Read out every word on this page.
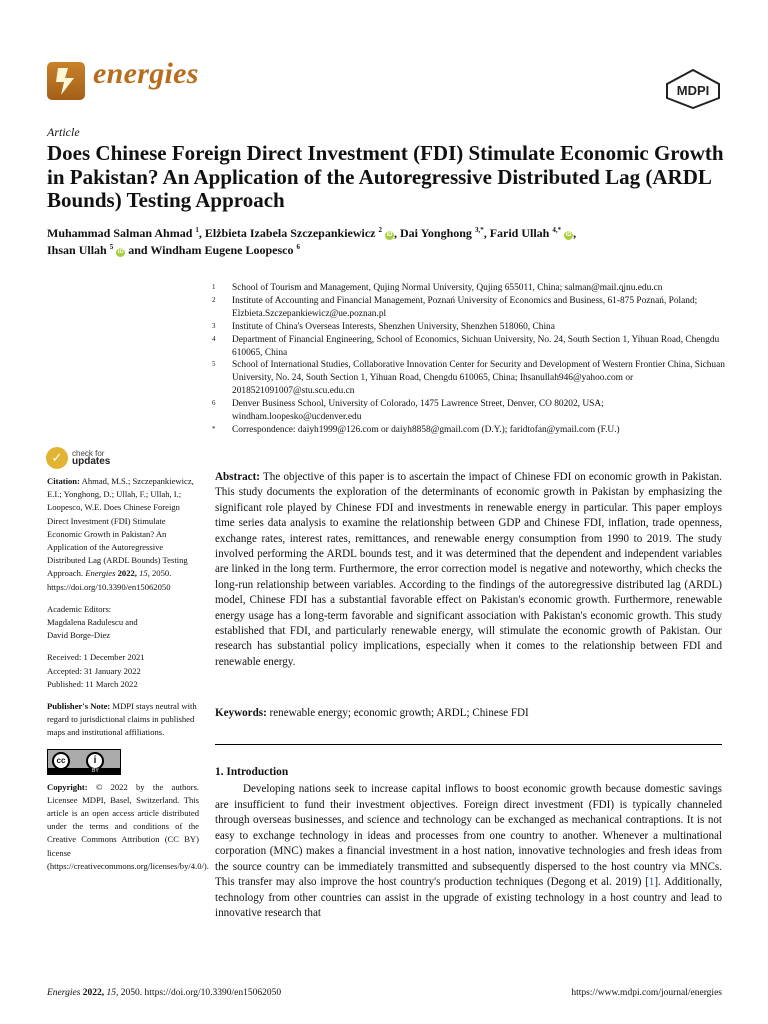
energies
MDPI
Article
Does Chinese Foreign Direct Investment (FDI) Stimulate Economic Growth in Pakistan? An Application of the Autoregressive Distributed Lag (ARDL Bounds) Testing Approach
Muhammad Salman Ahmad $^1$, Elżbieta Izabela Szczepankiewicz $^2$ iD , Dai Yonghong $^{3,*}$, Farid Ullah $^{4,*}$ iD ,
Ihsan Ullah $^5$ iD and Windham Eugene Loopesco $^6$
1	School of Tourism and Management, Qujing Normal University, Qujing 655011, China; salman@mail.qjnu.edu.cn
2	Institute of Accounting and Financial Management, Poznań University of Economics and Business, 61-875 Poznań, Poland; Elzbieta.Szczepankiewicz@ue.poznan.pl
3	Institute of China's Overseas Interests, Shenzhen University, Shenzhen 518060, China
4	Department of Financial Engineering, School of Economics, Sichuan University, No. 24, South Section 1, Yihuan Road, Chengdu 610065, China
5	School of International Studies, Collaborative Innovation Center for Security and Development of Western Frontier China, Sichuan University, No. 24, South Section 1, Yihuan Road, Chengdu 610065, China; Ihsanullah946@yahoo.com or 2018521091007@stu.scu.edu.cn
6	Denver Business School, University of Colorado, 1475 Lawrence Street, Denver, CO 80202, USA; windham.loopesko@ucdenver.edu
*	Correspondence: daiyh1999@126.com or daiyh8858@gmail.com (D.Y.); faridtofan@ymail.com (F.U.)
✓	check for
updates
Citation: Ahmad, M.S.; Szczepankiewicz, E.I.; Yonghong, D.; Ullah, F.; Ullah, I.; Loopesco, W.E. Does Chinese Foreign Direct Investment (FDI) Stimulate Economic Growth in Pakistan? An Application of the Autoregressive Distributed Lag (ARDL Bounds) Testing Approach. Energies 2022, 15, 2050. https://doi.org/10.3390/en15062050
Academic Editors:
Magdalena Radulescu and
David Borge-Diez
Received: 1 December 2021
Accepted: 31 January 2022
Published: 11 March 2022
Publisher's Note: MDPI stays neutral with regard to jurisdictional claims in published maps and institutional affiliations.
cc	i
BY
Copyright: © 2022 by the authors. Licensee MDPI, Basel, Switzerland. This article is an open access article distributed under the terms and conditions of the Creative Commons Attribution (CC BY) license (https://creativecommons.org/licenses/by/4.0/).
Abstract: The objective of this paper is to ascertain the impact of Chinese FDI on economic growth in Pakistan. This study documents the exploration of the determinants of economic growth in Pakistan by emphasizing the significant role played by Chinese FDI and investments in renewable energy in particular. This paper employs time series data analysis to examine the relationship between GDP and Chinese FDI, inflation, trade openness, exchange rates, interest rates, remittances, and renewable energy consumption from 1990 to 2019. The study involved performing the ARDL bounds test, and it was determined that the dependent and independent variables are linked in the long term. Furthermore, the error correction model is negative and noteworthy, which checks the long-run relationship between variables. According to the findings of the autoregressive distributed lag (ARDL) model, Chinese FDI has a substantial favorable effect on Pakistan's economic growth. Furthermore, renewable energy usage has a long-term favorable and significant association with Pakistan's economic growth. This study established that FDI, and particularly renewable energy, will stimulate the economic growth of Pakistan. Our research has substantial policy implications, especially when it comes to the relationship between FDI and renewable energy.
Keywords: renewable energy; economic growth; ARDL; Chinese FDI
1. Introduction
Developing nations seek to increase capital inflows to boost economic growth because domestic savings are insufficient to fund their investment objectives. Foreign direct investment (FDI) is typically channeled through overseas businesses, and science and technology can be exchanged as mechanical contraptions. It is not easy to exchange technology in ideas and processes from one country to another. Whenever a multinational corporation (MNC) makes a financial investment in a host nation, innovative technologies and fresh ideas from the source country can be immediately transmitted and subsequently dispersed to the host country via MNCs. This transfer may also improve the host country's production techniques (Degong et al. 2019) [1]. Additionally, technology from other countries can assist in the upgrade of existing technology in a host country and lead to innovative research that
Energies 2022, 15, 2050. https://doi.org/10.3390/en15062050	https://www.mdpi.com/journal/energies
